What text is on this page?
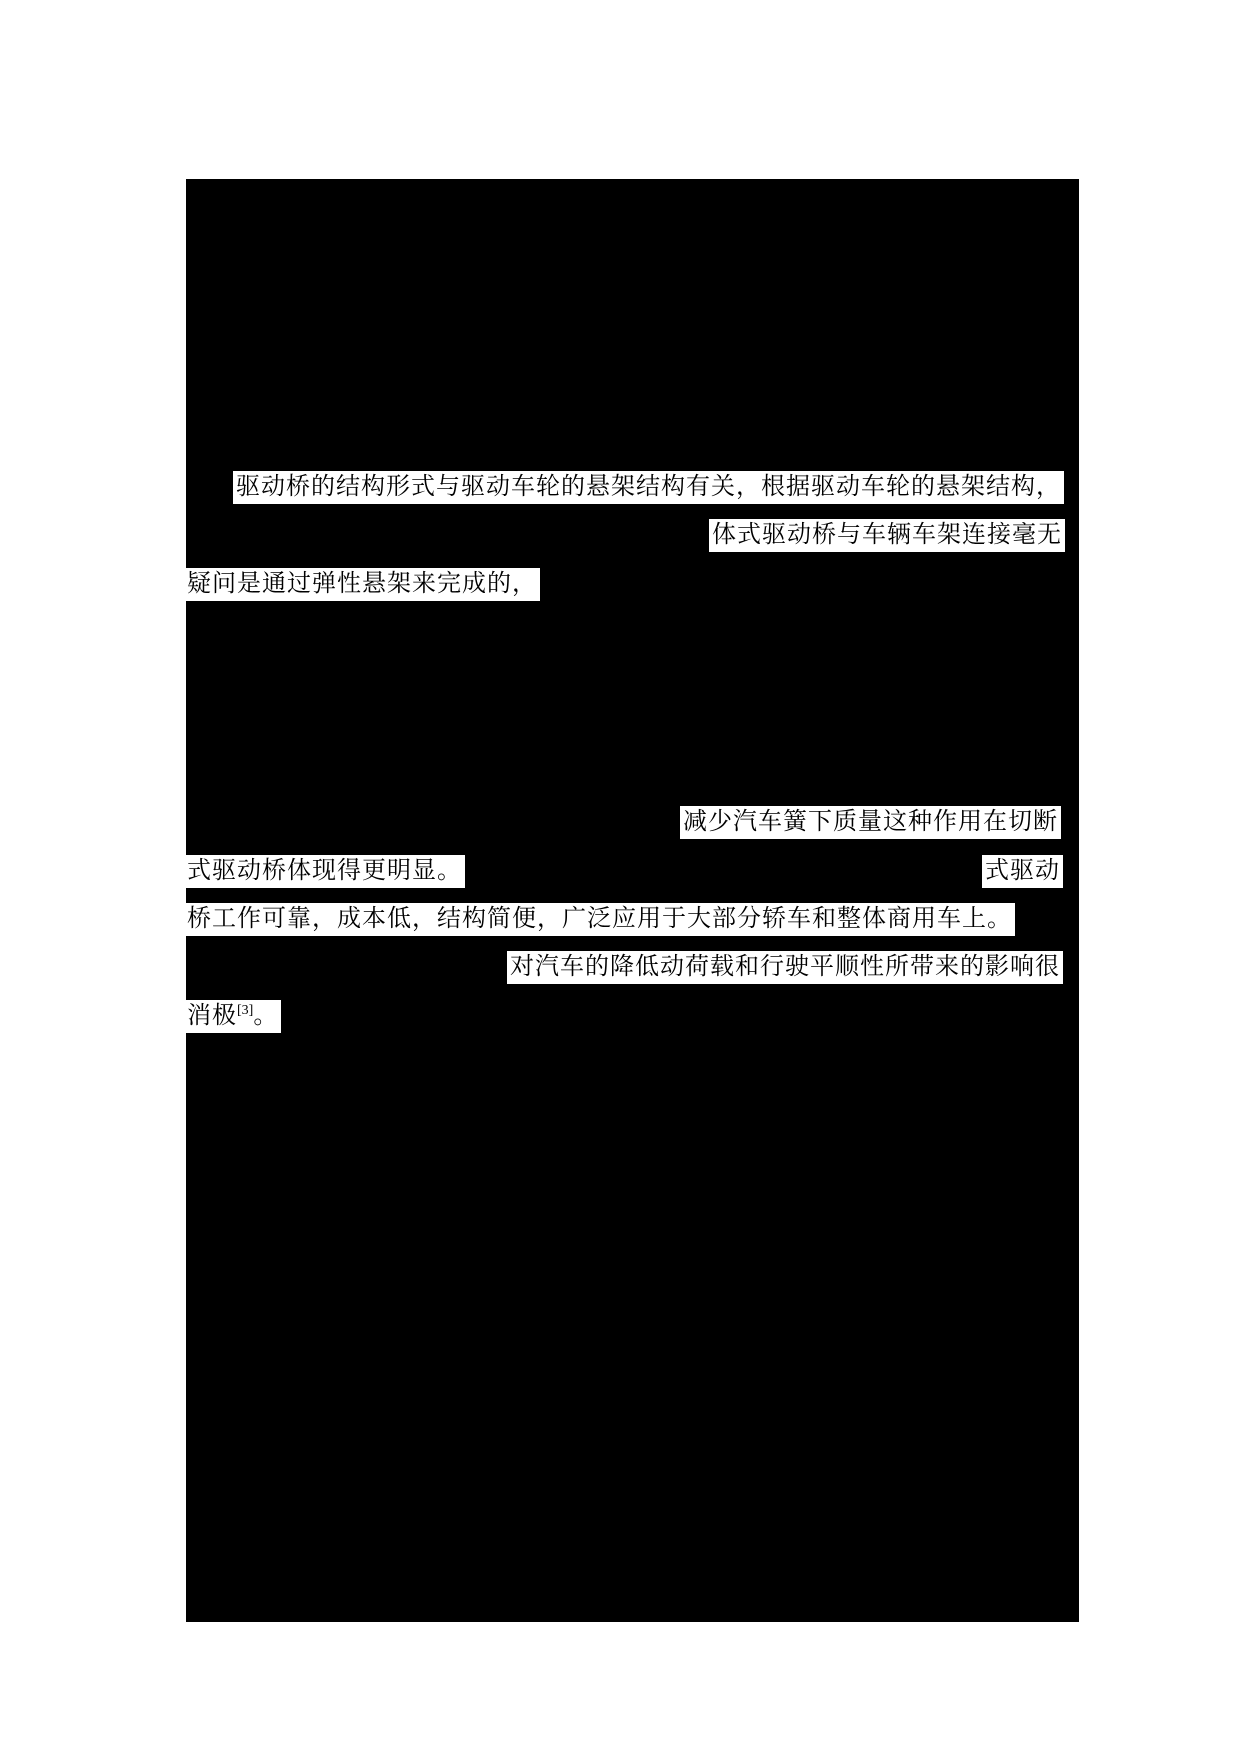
驱动桥的结构形式与驱动车轮的悬架结构有关，根据驱动车轮的悬架结构，
体式驱动桥与车辆车架连接毫无
疑问是通过弹性悬架来完成的，
减少汽车簧下质量这种作用在切断
式驱动桥体现得更明显。	式驱动
桥工作可靠，成本低，结构简便，广泛应用于大部分轿车和整体商用车上。
对汽车的降低动荷载和行驶平顺性所带来的影响很
消极[3]。
